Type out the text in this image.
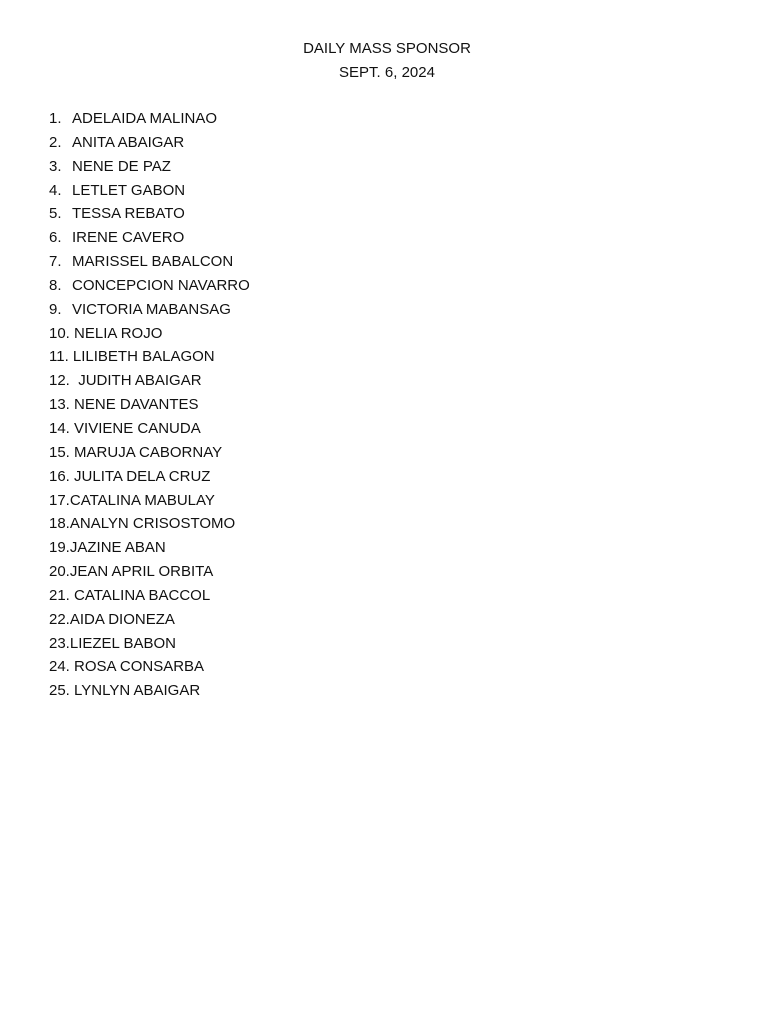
DAILY MASS SPONSOR
SEPT. 6, 2024
1. ADELAIDA MALINAO
2. ANITA ABAIGAR
3. NENE DE PAZ
4. LETLET GABON
5. TESSA REBATO
6. IRENE CAVERO
7. MARISSEL BABALCON
8. CONCEPCION NAVARRO
9. VICTORIA MABANSAG
10. NELIA ROJO
11. LILIBETH BALAGON
12. JUDITH ABAIGAR
13. NENE DAVANTES
14. VIVIENE CANUDA
15. MARUJA CABORNAY
16. JULITA DELA CRUZ
17. CATALINA MABULAY
18. ANALYN CRISOSTOMO
19. JAZINE ABAN
20. JEAN APRIL ORBITA
21. CATALINA BACCOL
22. AIDA DIONEZA
23. LIEZEL BABON
24. ROSA CONSARBA
25. LYNLYN ABAIGAR
